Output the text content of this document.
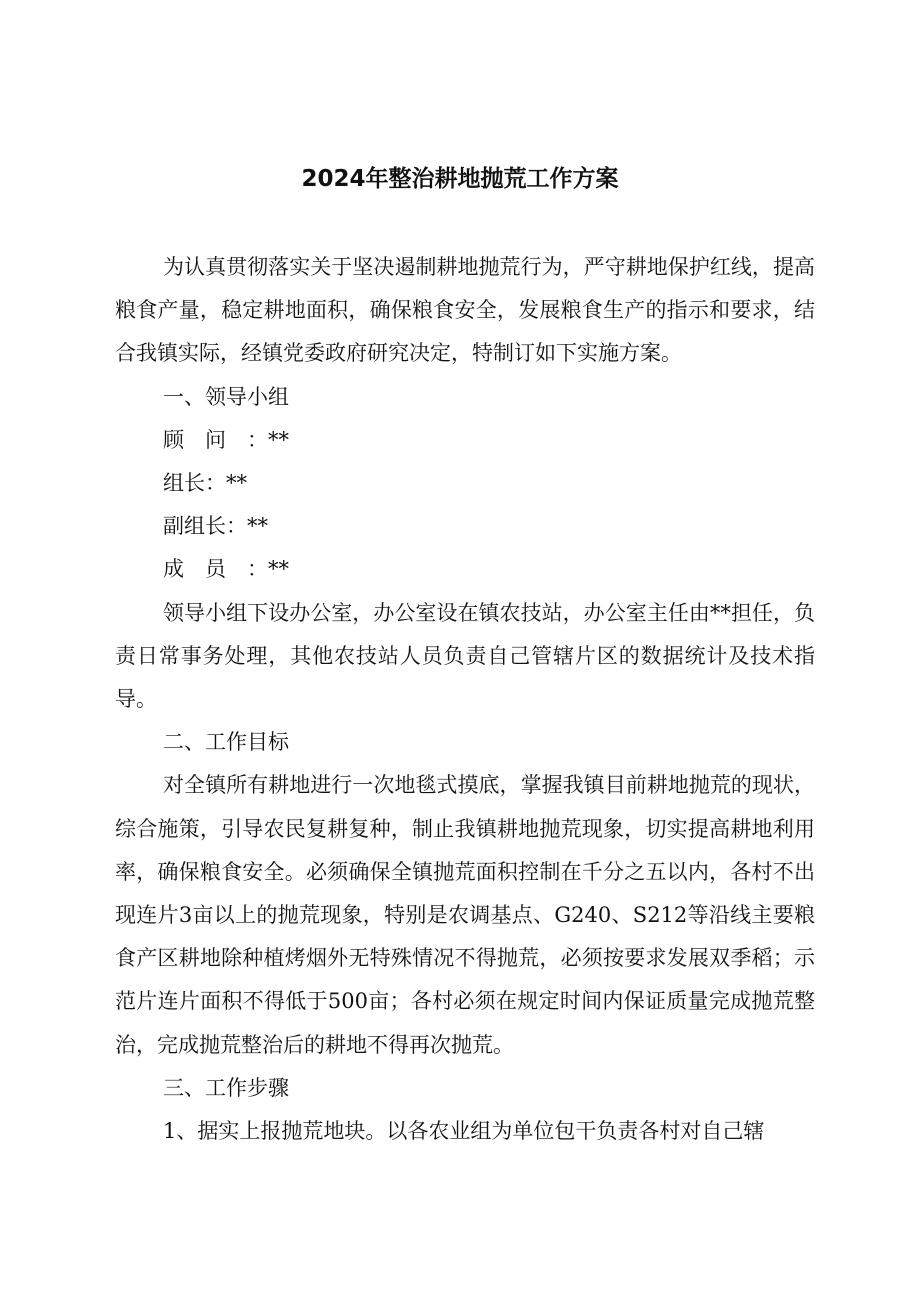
2024年整治耕地抛荒工作方案

为认真贯彻落实关于坚决遏制耕地抛荒行为，严守耕地保护红线，提高粮食产量，稳定耕地面积，确保粮食安全，发展粮食生产的指示和要求，结合我镇实际，经镇党委政府研究决定，特制订如下实施方案。

一、领导小组

顾问：**

组长：**

副组长：**

成员：**

领导小组下设办公室，办公室设在镇农技站，办公室主任由**担任，负责日常事务处理，其他农技站人员负责自己管辖片区的数据统计及技术指导。

二、工作目标

对全镇所有耕地进行一次地毯式摸底，掌握我镇目前耕地抛荒的现状，综合施策，引导农民复耕复种，制止我镇耕地抛荒现象，切实提高耕地利用率，确保粮食安全。必须确保全镇抛荒面积控制在千分之五以内，各村不出现连片3亩以上的抛荒现象，特别是农调基点、G240、S212等沿线主要粮食产区耕地除种植烤烟外无特殊情况不得抛荒，必须按要求发展双季稻；示范片连片面积不得低于500亩；各村必须在规定时间内保证质量完成抛荒整治，完成抛荒整治后的耕地不得再次抛荒。

三、工作步骤

1、据实上报抛荒地块。以各农业组为单位包干负责各村对自己辖
